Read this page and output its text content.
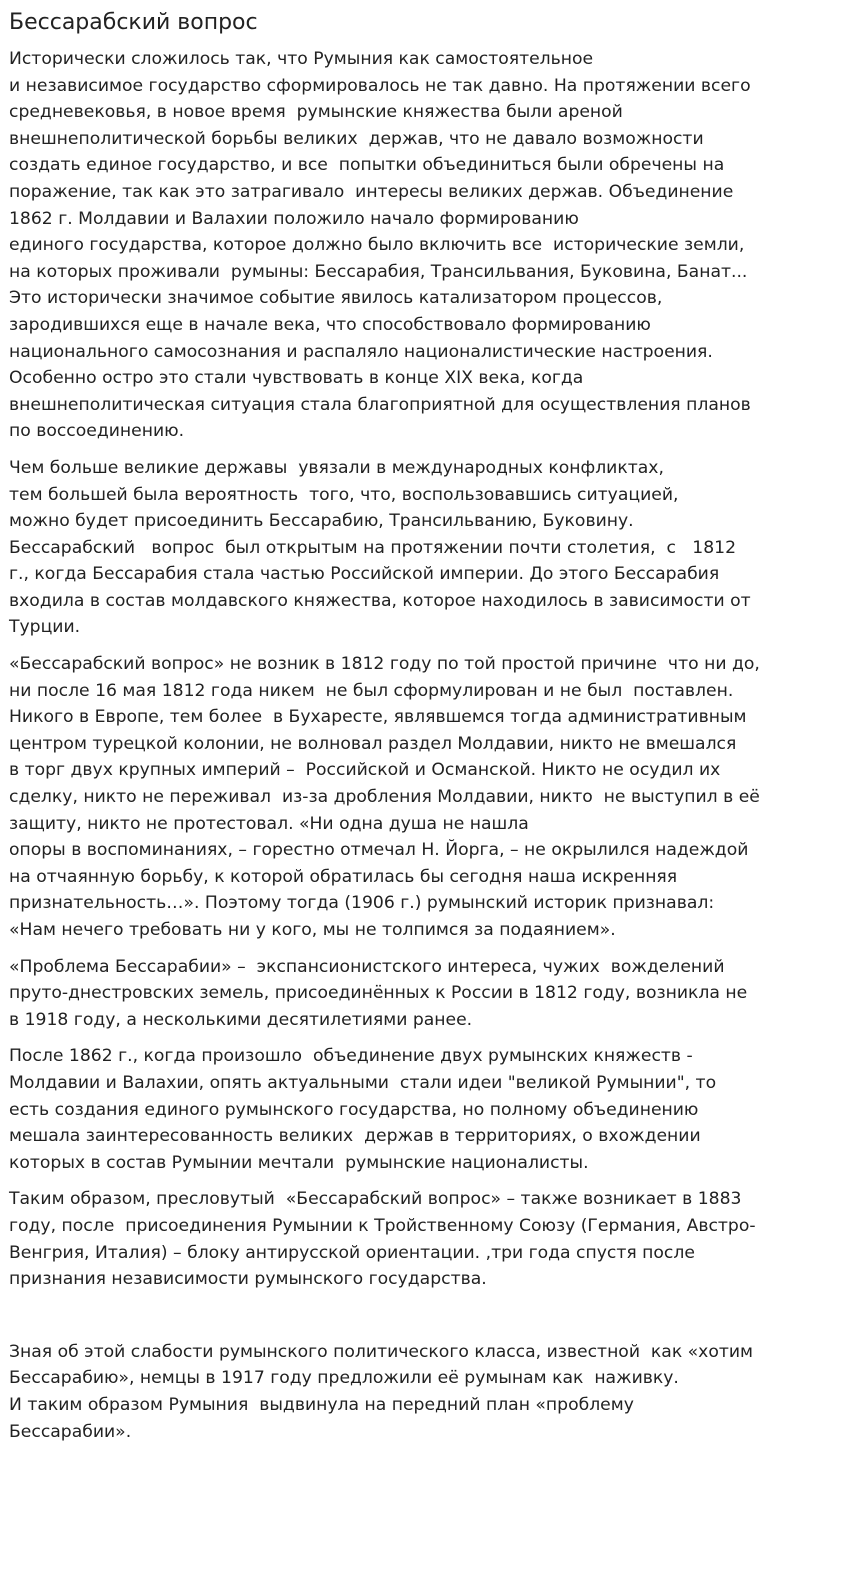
Бессарабский вопрос

Исторически сложилось так, что Румыния как самостоятельное
и независимое государство сформировалось не так давно. На протяжении всего
средневековья, в новое время  румынские княжества были ареной
внешнеполитической борьбы великих  держав, что не давало возможности
создать единое государство, и все  попытки объединиться были обречены на
поражение, так как это затрагивало  интересы великих держав. Объединение
1862 г. Молдавии и Валахии положило начало формированию
единого государства, которое должно было включить все  исторические земли,
на которых проживали  румыны: Бессарабия, Трансильвания, Буковина, Банат...
Это исторически значимое событие явилось катализатором процессов,
зародившихся еще в начале века, что способствовало формированию
национального самосознания и распаляло националистические настроения.
Особенно остро это стали чувствовать в конце XIX века, когда
внешнеполитическая ситуация стала благоприятной для осуществления планов
по воссоединению.

Чем больше великие державы  увязали в международных конфликтах,
тем большей была вероятность  того, что, воспользовавшись ситуацией,
можно будет присоединить Бессарабию, Трансильванию, Буковину.
Бессарабский   вопрос  был открытым на протяжении почти столетия,  с   1812
г., когда Бессарабия стала частью Российской империи. До этого Бессарабия
входила в состав молдавского княжества, которое находилось в зависимости от
Турции.

«Бессарабский вопрос» не возник в 1812 году по той простой причине  что ни до,
ни после 16 мая 1812 года никем  не был сформулирован и не был  поставлен.
Никого в Европе, тем более  в Бухаресте, являвшемся тогда административным
центром турецкой колонии, не волновал раздел Молдавии, никто не вмешался
в торг двух крупных империй –  Российской и Османской. Никто не осудил их
сделку, никто не переживал  из-за дробления Молдавии, никто  не выступил в её
защиту, никто не протестовал. «Ни одна душа не нашла
опоры в воспоминаниях, – горестно отмечал Н. Йорга, – не окрылился надеждой
на отчаянную борьбу, к которой обратилась бы сегодня наша искренняя
признательность…». Поэтому тогда (1906 г.) румынский историк признавал:
«Нам нечего требовать ни у кого, мы не толпимся за подаянием».

«Проблема Бессарабии» –  экспансионистского интереса, чужих  вожделений
пруто-днестровских земель, присоединённых к России в 1812 году, возникла не
в 1918 году, а несколькими десятилетиями ранее.

После 1862 г., когда произошло  объединение двух румынских княжеств -
Молдавии и Валахии, опять актуальными  стали идеи "великой Румынии", то
есть создания единого румынского государства, но полному объединению
мешала заинтересованность великих  держав в территориях, о вхождении
которых в состав Румынии мечтали  румынские националисты.

Таким образом, пресловутый  «Бессарабский вопрос» – также возникает в 1883
году, после  присоединения Румынии к Тройственному Союзу (Германия, Австро-
Венгрия, Италия) – блоку антирусской ориентации. ,три года спустя после
признания независимости румынского государства.

Зная об этой слабости румынского политического класса, известной  как «хотим
Бессарабию», немцы в 1917 году предложили её румынам как  наживку.
И таким образом Румыния  выдвинула на передний план «проблему
Бессарабии».
